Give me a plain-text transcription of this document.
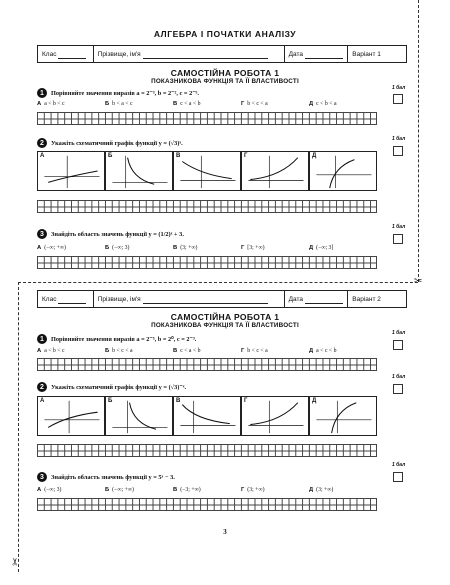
АЛГЕБРА І ПОЧАТКИ АНАЛІЗУ
Клас	Прізвище, ім'я	Дата	Варіант 1
САМОСТІЙНА РОБОТА 1
ПОКАЗНИКОВА ФУНКЦІЯ ТА ЇЇ ВЛАСТИВОСТІ
1	Порівняйте значення виразів a = 2⁻³, b = 2⁻², c = 2⁻⁵.
1 бал
А a < b < c	Б b < a < c	В c < a < b	Г b < c < a	Д c < b < a
2	Укажіть схематичний графік функції y = (√3)ˣ.
1 бал
А	Б	В	Г	Д
3	Знайдіть область значень функції y = (1/2)ˣ + 3.
1 бал
А (−∞; +∞)	Б (−∞; 3)	В (3; +∞)	Г [3; +∞)	Д (−∞; 3]
✂
✂
Клас	Прізвище, ім'я	Дата	Варіант 2
САМОСТІЙНА РОБОТА 1
ПОКАЗНИКОВА ФУНКЦІЯ ТА ЇЇ ВЛАСТИВОСТІ
1	Порівняйте значення виразів a = 2⁻⁵, b = 2⁰, c = 2⁻³.
1 бал
А a < b < c	Б b < c < a	В c < a < b	Г b < c < a	Д a < c < b
2	Укажіть схематичний графік функції y = (√3)⁻ˣ.
1 бал
А	Б	В	Г	Д
3	Знайдіть область значень функції y = 5ˣ − 3.
1 бал
А (−∞; 3)	Б (−∞; +∞)	В (−3; +∞)	Г (3; +∞)	Д (3; +∞)
3
